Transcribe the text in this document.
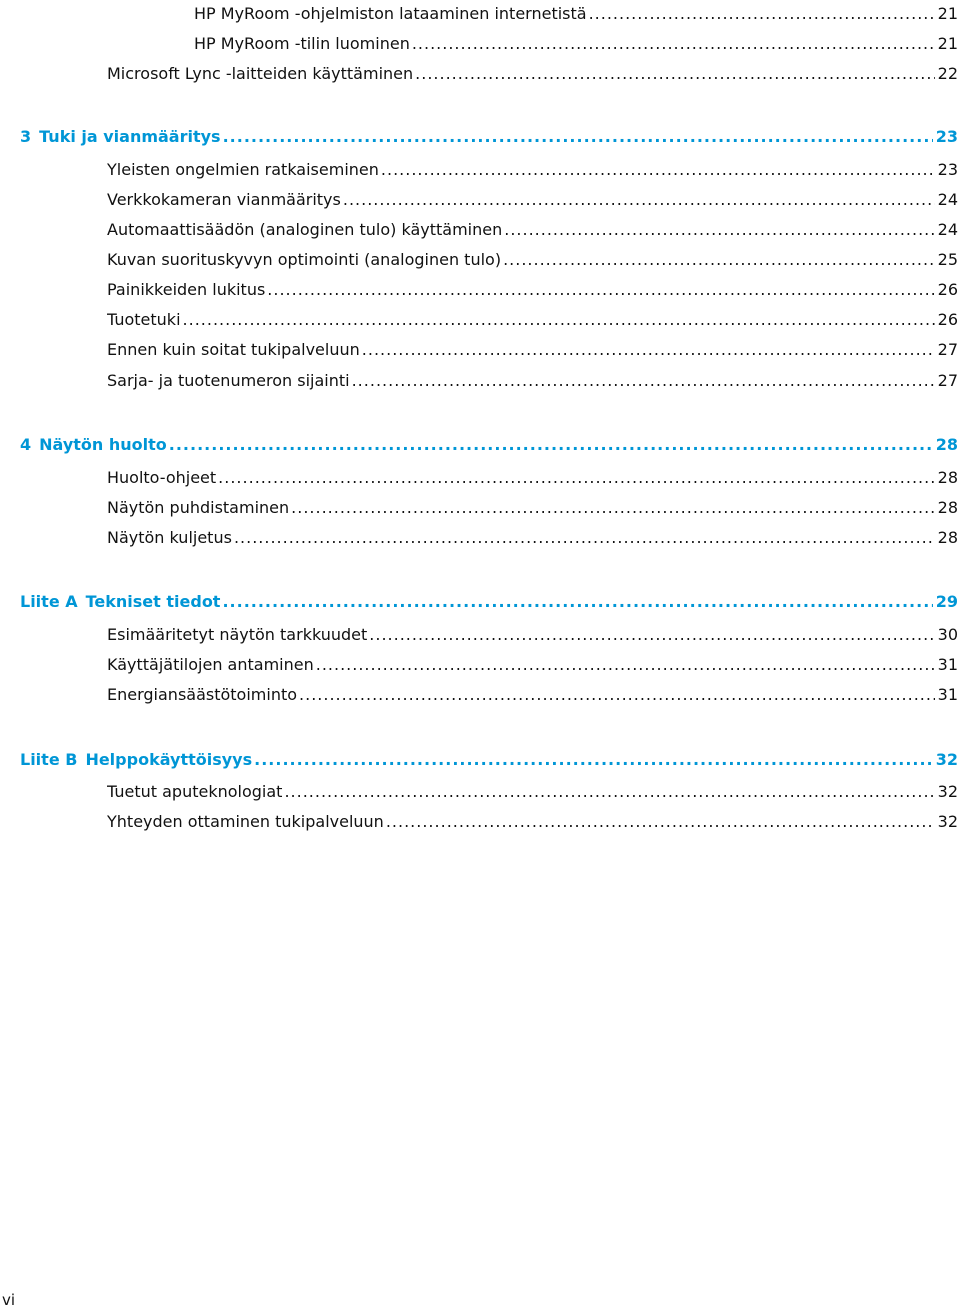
HP MyRoom -ohjelmiston lataaminen internetistä .....	21
HP MyRoom -tilin luominen .....	21
Microsoft Lync -laitteiden käyttäminen .....	22
3 Tuki ja vianmääritys .....	23
Yleisten ongelmien ratkaiseminen .....	23
Verkkokameran vianmääritys .....	24
Automaattisäädön (analoginen tulo) käyttäminen .....	24
Kuvan suorituskyvyn optimointi (analoginen tulo) .....	25
Painikkeiden lukitus .....	26
Tuotetuki .....	26
Ennen kuin soitat tukipalveluun .....	27
Sarja- ja tuotenumeron sijainti .....	27
4 Näytön huolto .....	28
Huolto-ohjeet .....	28
Näytön puhdistaminen .....	28
Näytön kuljetus .....	28
Liite A Tekniset tiedot .....	29
Esimääritetyt näytön tarkkuudet .....	30
Käyttäjätilojen antaminen .....	31
Energiansäästötoiminto .....	31
Liite B Helppokäyttöisyys .....	32
Tuetut aputeknologiat .....	32
Yhteyden ottaminen tukipalveluun .....	32
vi
